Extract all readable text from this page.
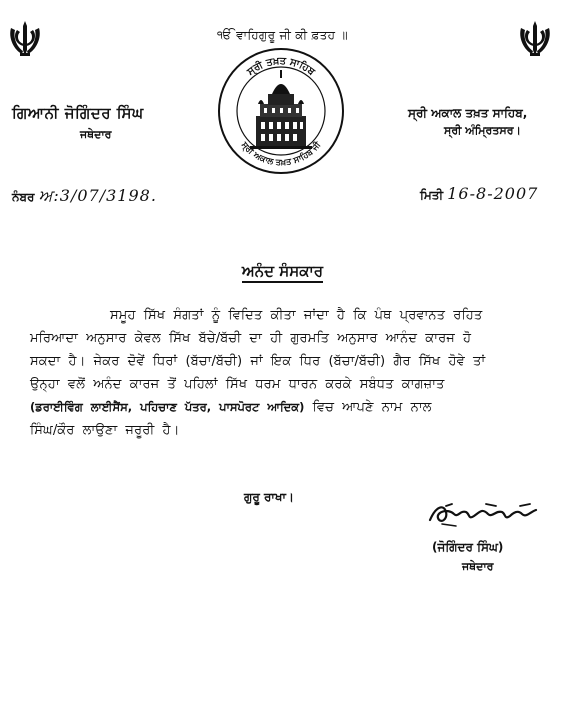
ੴ ਵਾਹਿਗੁਰੂ ਜੀ ਕੀ ਫ਼ਤਹ ॥
ਸ੍ਰੀ ਤਖ਼ਤ ਸਾਹਿਬ
ਸ੍ਰੀ ਅਕਾਲ ਤਖ਼ਤ ਸਾਹਿਬ ਜੀ
ਗਿਆਨੀ ਜੋਗਿੰਦਰ ਸਿੰਘ
ਜਥੇਦਾਰ
ਸ੍ਰੀ ਅਕਾਲ ਤਖ਼ਤ ਸਾਹਿਬ,
ਸ੍ਰੀ ਅੰਮ੍ਰਿਤਸਰ।
ਨੰਬਰ ਅ:3/07/3198.	ਮਿਤੀ 16-8-2007
ਅਨੰਦ ਸੰਸਕਾਰ
ਸਮੂਹ ਸਿੱਖ ਸੰਗਤਾਂ ਨੂੰ ਵਿਦਿਤ ਕੀਤਾ ਜਾਂਦਾ ਹੈ ਕਿ ਪੰਥ ਪ੍ਰਵਾਨਤ ਰਹਿਤ
ਮਰਿਆਦਾ ਅਨੁਸਾਰ ਕੇਵਲ ਸਿੱਖ ਬੱਚੇ/ਬੱਚੀ ਦਾ ਹੀ ਗੁਰਮਤਿ ਅਨੁਸਾਰ ਆਨੰਦ ਕਾਰਜ ਹੋ
ਸਕਦਾ ਹੈ। ਜੇਕਰ ਦੋਵੇਂ ਧਿਰਾਂ (ਬੱਚਾ/ਬੱਚੀ) ਜਾਂ ਇਕ ਧਿਰ (ਬੱਚਾ/ਬੱਚੀ) ਗੈਰ ਸਿੱਖ ਹੋਵੇ ਤਾਂ
ਉਨ੍ਹਾ ਵਲੋਂ ਅਨੰਦ ਕਾਰਜ ਤੋਂ ਪਹਿਲਾਂ ਸਿੱਖ ਧਰਮ ਧਾਰਨ ਕਰਕੇ ਸਬੰਧਤ ਕਾਗਜ਼ਾਤ
(ਡਰਾਈਵਿੰਗ ਲਾਈਸੈਂਸ, ਪਹਿਚਾਣ ਪੱਤਰ, ਪਾਸਪੋਰਟ ਆਦਿਕ) ਵਿਚ ਆਪਣੇ ਨਾਮ ਨਾਲ
ਸਿੰਘ/ਕੌਰ ਲਾਉਣਾ ਜਰੂਰੀ ਹੈ।
ਗੁਰੂ ਰਾਖਾ।
(ਜੋਗਿੰਦਰ ਸਿੰਘ)
ਜਥੇਦਾਰ
